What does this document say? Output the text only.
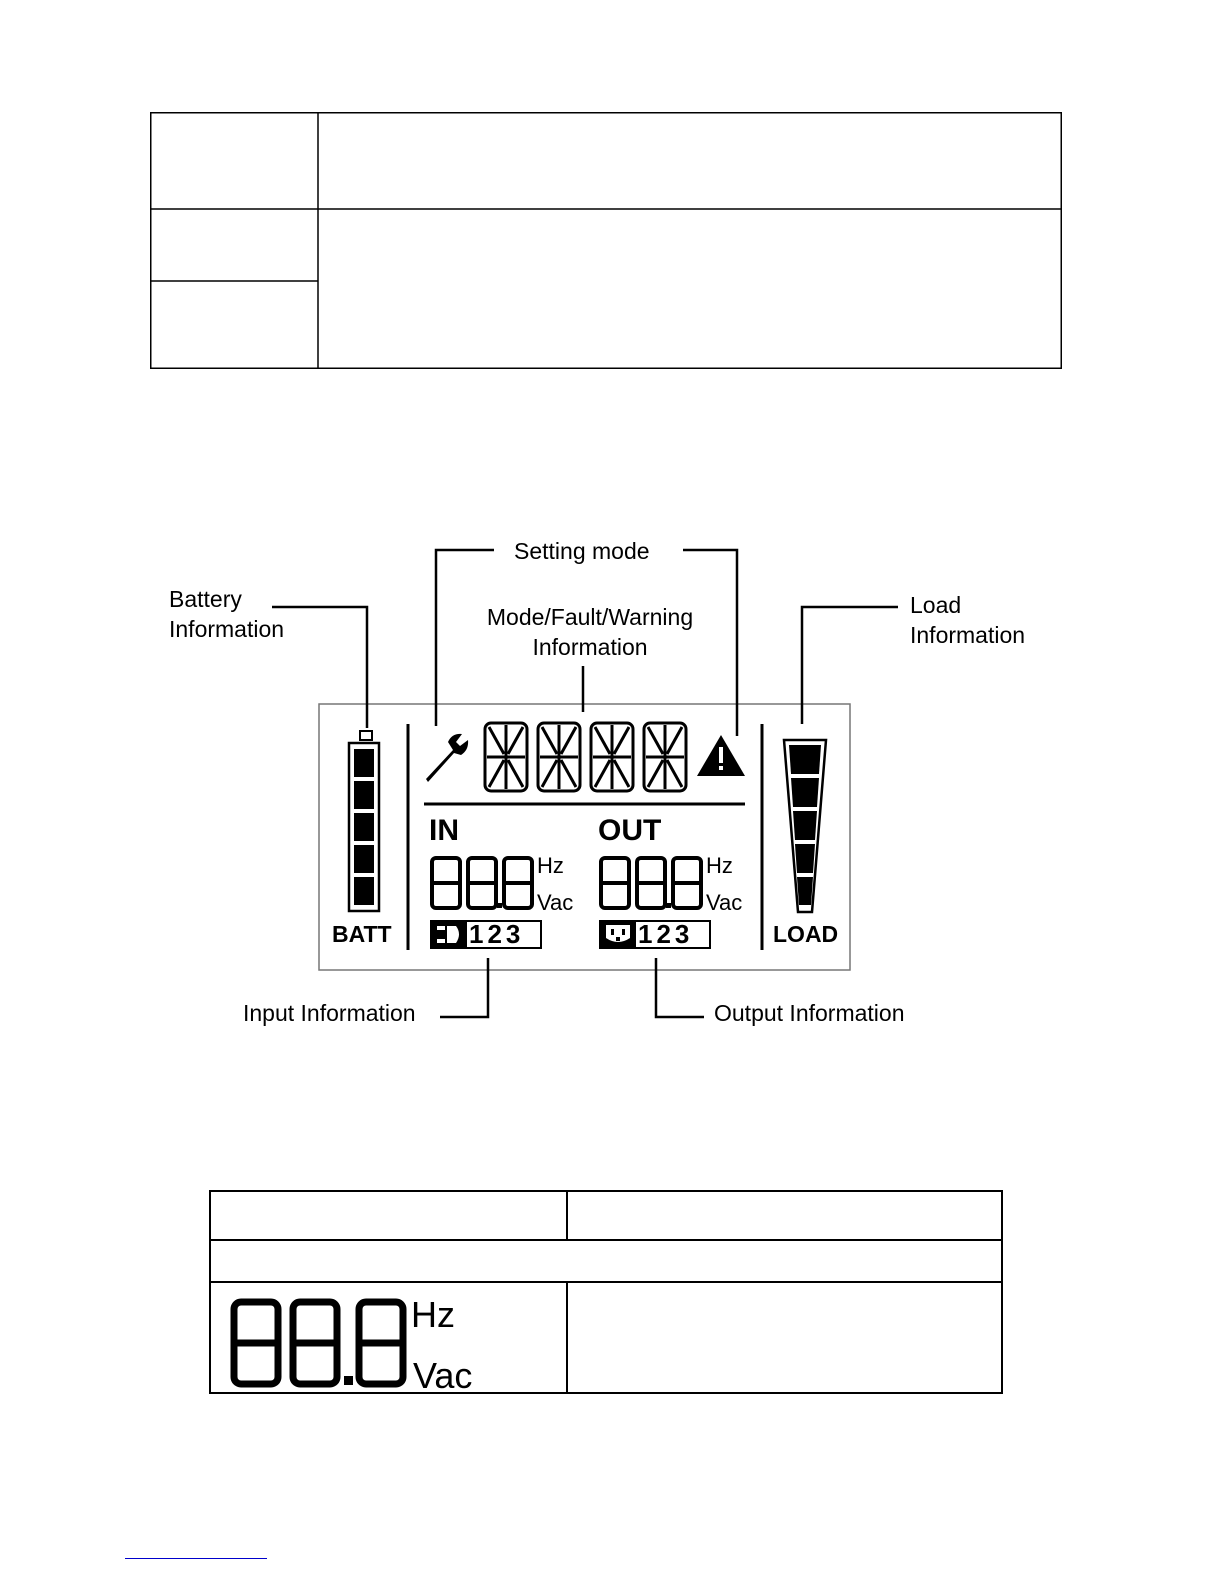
Battery
Information
Setting mode
Mode/Fault/Warning
Information
Load
Information
Input Information	Output Information
BATT	LOAD
IN	OUT
Hz
Vac
Hz
Vac
123	123
Hz
Vac
